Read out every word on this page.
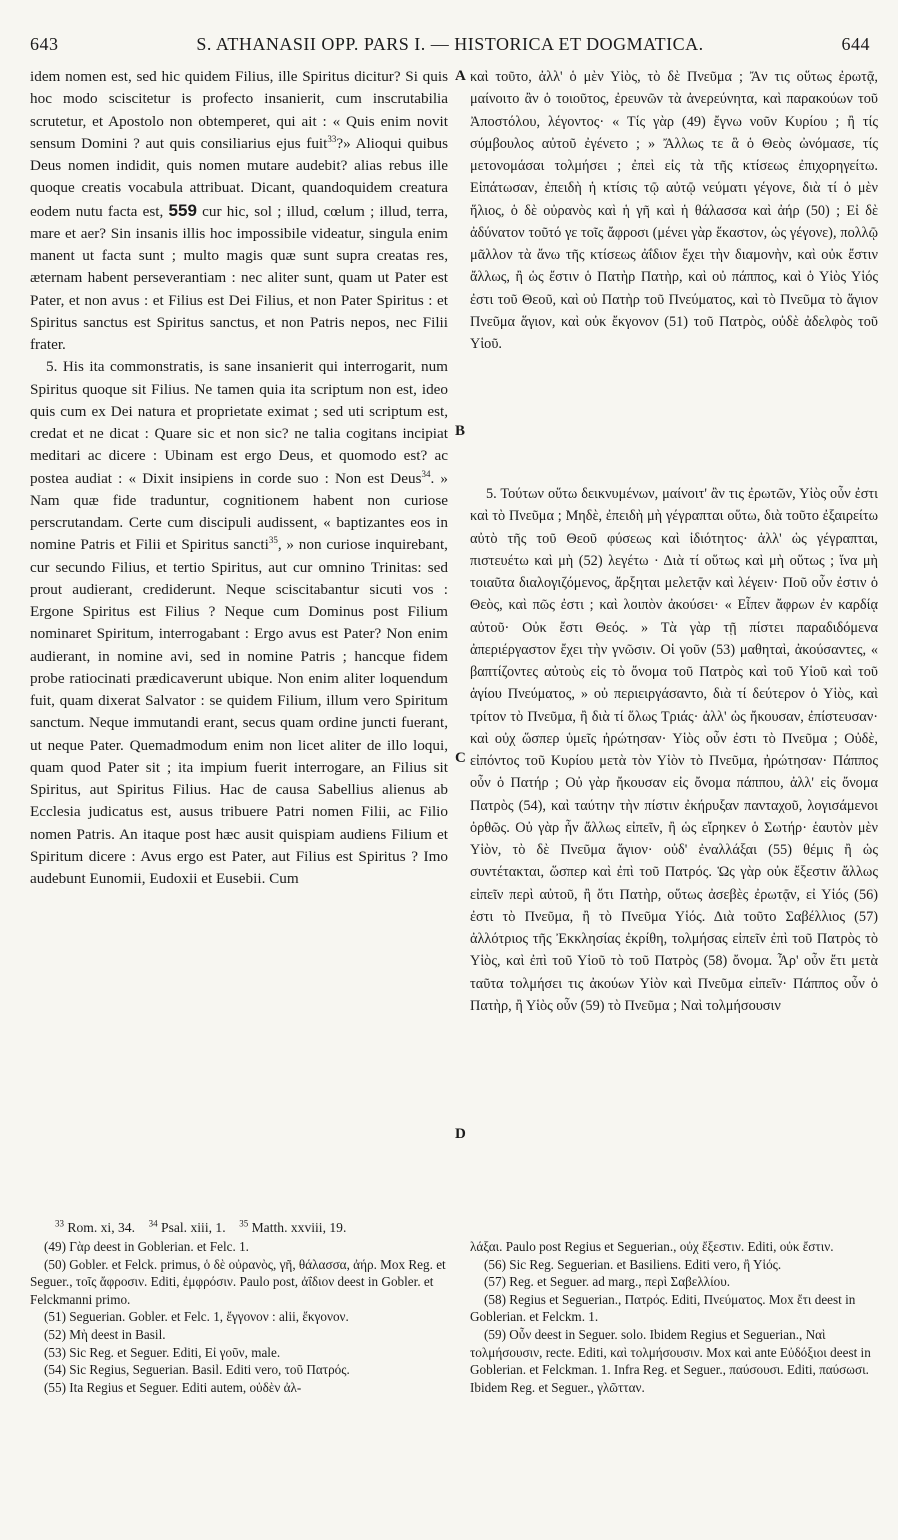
643	S. ATHANASII OPP. PARS I. — HISTORICA ET DOGMATICA.	644

idem nomen est, sed hic quidem Filius, ille Spiritus dicitur? Si quis hoc modo sciscitetur is profecto insanierit, cum inscrutabilia scrutetur, et Apostolo non obtemperet, qui ait : « Quis enim novit sensum Domini ? aut quis consiliarius ejus fuit$^{33}$?» Alioqui quibus Deus nomen indidit, quis nomen mutare audebit? alias rebus ille quoque creatis vocabula attribuat. Dicant, quandoquidem creatura eodem nutu facta est, 559 cur hic, sol ; illud, cœlum ; illud, terra, mare et aer? Sin insanis illis hoc impossibile videatur, singula enim manent ut facta sunt ; multo magis quæ sunt supra creatas res, æternam habent perseverantiam : nec aliter sunt, quam ut Pater est Pater, et non avus : et Filius est Dei Filius, et non Pater Spiritus : et Spiritus sanctus est Spiritus sanctus, et non Patris nepos, nec Filii frater.

5. His ita commonstratis, is sane insanierit qui interrogarit, num Spiritus quoque sit Filius. Ne tamen quia ita scriptum non est, ideo quis cum ex Dei natura et proprietate eximat ; sed uti scriptum est, credat et ne dicat : Quare sic et non sic? ne talia cogitans incipiat meditari ac dicere : Ubinam est ergo Deus, et quomodo est? ac postea audiat : « Dixit insipiens in corde suo : Non est Deus$^{34}$. » Nam quæ fide traduntur, cognitionem habent non curiose perscrutandam. Certe cum discipuli audissent, « baptizantes eos in nomine Patris et Filii et Spiritus sancti$^{35}$, » non curiose inquirebant, cur secundo Filius, et tertio Spiritus, aut cur omnino Trinitas: sed prout audierant, crediderunt. Neque sciscitabantur sicuti vos : Ergone Spiritus est Filius ? Neque cum Dominus post Filium nominaret Spiritum, interrogabant : Ergo avus est Pater? Non enim audierant, in nomine avi, sed in nomine Patris ; hancque fidem probe ratiocinati prædicaverunt ubique. Non enim aliter loquendum fuit, quam dixerat Salvator : se quidem Filium, illum vero Spiritum sanctum. Neque immutandi erant, secus quam ordine juncti fuerant, ut neque Pater. Quemadmodum enim non licet aliter de illo loqui, quam quod Pater sit ; ita impium fuerit interrogare, an Filius sit Spiritus, aut Spiritus Filius. Hac de causa Sabellius alienus ab Ecclesia judicatus est, ausus tribuere Patri nomen Filii, ac Filio nomen Patris. An itaque post hæc ausit quispiam audiens Filium et Spiritum dicere : Avus ergo est Pater, aut Filius est Spiritus ? Imo audebunt Eunomii, Eudoxii et Eusebii. Cum

A
B
C
D

καὶ τοῦτο, ἀλλ' ὁ μὲν Υἱὸς, τὸ δὲ Πνεῦμα ; Ἄν τις οὕτως ἐρωτᾷ, μαίνοιτο ἂν ὁ τοιοῦτος, ἐρευνῶν τὰ ἀνερεύνητα, καὶ παρακούων τοῦ Ἀποστόλου, λέγοντος· « Τίς γὰρ (49) ἔγνω νοῦν Κυρίου ; ἢ τίς σύμβουλος αὐτοῦ ἐγένετο ; » Ἄλλως τε ἃ ὁ Θεὸς ὠνόμασε, τίς μετονομάσαι τολμήσει ; ἐπεὶ εἰς τὰ τῆς κτίσεως ἐπιχορηγείτω. Εἰπάτωσαν, ἐπειδὴ ἡ κτίσις τῷ αὐτῷ νεύματι γέγονε, διὰ τί ὁ μὲν ἥλιος, ὁ δὲ οὐρανὸς καὶ ἡ γῆ καὶ ἡ θάλασσα καὶ ἀήρ (50) ; Εἰ δὲ ἀδύνατον τοῦτό γε τοῖς ἄφροσι (μένει γὰρ ἕκαστον, ὡς γέγονε), πολλῷ μᾶλλον τὰ ἄνω τῆς κτίσεως ἀΐδιον ἔχει τὴν διαμονὴν, καὶ οὐκ ἔστιν ἄλλως, ἢ ὡς ἔστιν ὁ Πατὴρ Πατὴρ, καὶ οὐ πάππος, καὶ ὁ Υἱὸς Υἱός ἐστι τοῦ Θεοῦ, καὶ οὐ Πατὴρ τοῦ Πνεύματος, καὶ τὸ Πνεῦμα τὸ ἅγιον Πνεῦμα ἅγιον, καὶ οὐκ ἔκγονον (51) τοῦ Πατρὸς, οὐδὲ ἀδελφὸς τοῦ Υἱοῦ.

5. Τούτων οὕτω δεικνυμένων, μαίνοιτ' ἂν τις ἐρωτῶν, Υἱὸς οὖν ἐστι καὶ τὸ Πνεῦμα ; Μηδὲ, ἐπειδὴ μὴ γέγραπται οὕτω, διὰ τοῦτο ἐξαιρείτω αὐτὸ τῆς τοῦ Θεοῦ φύσεως καὶ ἰδιότητος· ἀλλ' ὡς γέγραπται, πιστευέτω καὶ μὴ (52) λεγέτω · Διὰ τί οὕτως καὶ μὴ οὕτως ; ἵνα μὴ τοιαῦτα διαλογιζόμενος, ἄρξηται μελετᾷν καὶ λέγειν· Ποῦ οὖν ἐστιν ὁ Θεὸς, καὶ πῶς ἐστι ; καὶ λοιπὸν ἀκούσει· « Εἶπεν ἄφρων ἐν καρδίᾳ αὐτοῦ· Οὐκ ἔστι Θεός. » Τὰ γὰρ τῇ πίστει παραδιδόμενα ἀπεριέργαστον ἔχει τὴν γνῶσιν. Οἱ γοῦν (53) μαθηταὶ, ἀκούσαντες, « βαπτίζοντες αὐτοὺς εἰς τὸ ὄνομα τοῦ Πατρὸς καὶ τοῦ Υἱοῦ καὶ τοῦ ἁγίου Πνεύματος, » οὐ περιειργάσαντο, διὰ τί δεύτερον ὁ Υἱὸς, καὶ τρίτον τὸ Πνεῦμα, ἢ διὰ τί ὅλως Τριάς· ἀλλ' ὡς ἤκουσαν, ἐπίστευσαν· καὶ οὐχ ὥσπερ ὑμεῖς ἠρώτησαν· Υἱὸς οὖν ἐστι τὸ Πνεῦμα ; Οὐδὲ, εἰπόντος τοῦ Κυρίου μετὰ τὸν Υἱὸν τὸ Πνεῦμα, ἠρώτησαν· Πάππος οὖν ὁ Πατήρ ; Οὐ γὰρ ἤκουσαν εἰς ὄνομα πάππου, ἀλλ' εἰς ὄνομα Πατρὸς (54), καὶ ταύτην τὴν πίστιν ἐκήρυξαν πανταχοῦ, λογισάμενοι ὀρθῶς. Οὐ γὰρ ἦν ἄλλως εἰπεῖν, ἢ ὡς εἴρηκεν ὁ Σωτήρ· ἑαυτὸν μὲν Υἱὸν, τὸ δὲ Πνεῦμα ἅγιον· οὐδ' ἐναλλάξαι (55) θέμις ἢ ὡς συντέτακται, ὥσπερ καὶ ἐπὶ τοῦ Πατρός. Ὡς γὰρ οὐκ ἔξεστιν ἄλλως εἰπεῖν περὶ αὐτοῦ, ἢ ὅτι Πατὴρ, οὕτως ἀσεβὲς ἐρωτᾷν, εἰ Υἱός (56) ἐστι τὸ Πνεῦμα, ἢ τὸ Πνεῦμα Υἱός. Διὰ τοῦτο Σαβέλλιος (57) ἀλλότριος τῆς Ἐκκλησίας ἐκρίθη, τολμήσας εἰπεῖν ἐπὶ τοῦ Πατρὸς τὸ Υἱὸς, καὶ ἐπὶ τοῦ Υἱοῦ τὸ τοῦ Πατρὸς (58) ὄνομα. Ἆρ' οὖν ἔτι μετὰ ταῦτα τολμήσει τις ἀκούων Υἱὸν καὶ Πνεῦμα εἰπεῖν· Πάππος οὖν ὁ Πατὴρ, ἢ Υἱὸς οὖν (59) τὸ Πνεῦμα ; Ναὶ τολμήσουσιν

$^{33}$ Rom. xi, 34. $^{34}$ Psal. xiii, 1. $^{35}$ Matth. xxviii, 19.

(49) Γὰρ deest in Goblerian. et Felc. 1.

(50) Gobler. et Felck. primus, ὁ δὲ οὐρανὸς, γῆ, θάλασσα, ἀήρ. Mox Reg. et Seguer., τοῖς ἄφροσιν. Editi, ἐμφρόσιν. Paulo post, ἀΐδιον deest in Gobler. et Felckmanni primo.

(51) Seguerian. Gobler. et Felc. 1, ἔγγονον : alii, ἔκγονον.

(52) Μὴ deest in Basil.

(53) Sic Reg. et Seguer. Editi, Εἰ γοῦν, male.

(54) Sic Regius, Seguerian. Basil. Editi vero, τοῦ Πατρός.

(55) Ita Regius et Seguer. Editi autem, οὐδὲν ἀλ-

λάξαι. Paulo post Regius et Seguerian., οὐχ ἔξεστιν. Editi, οὐκ ἔστιν.

(56) Sic Reg. Seguerian. et Basiliens. Editi vero, ἢ Υἱός.

(57) Reg. et Seguer. ad marg., περὶ Σαβελλίου.

(58) Regius et Seguerian., Πατρός. Editi, Πνεύματος. Mox ἔτι deest in Goblerian. et Felckm. 1.

(59) Οὖν deest in Seguer. solo. Ibidem Regius et Seguerian., Ναὶ τολμήσουσιν, recte. Editi, καὶ τολμήσουσιν. Mox καὶ ante Εὐδόξιοι deest in Goblerian. et Felckman. 1. Infra Reg. et Seguer., παύσουσι. Editi, παύσωσι. Ibidem Reg. et Seguer., γλῶτταν.
